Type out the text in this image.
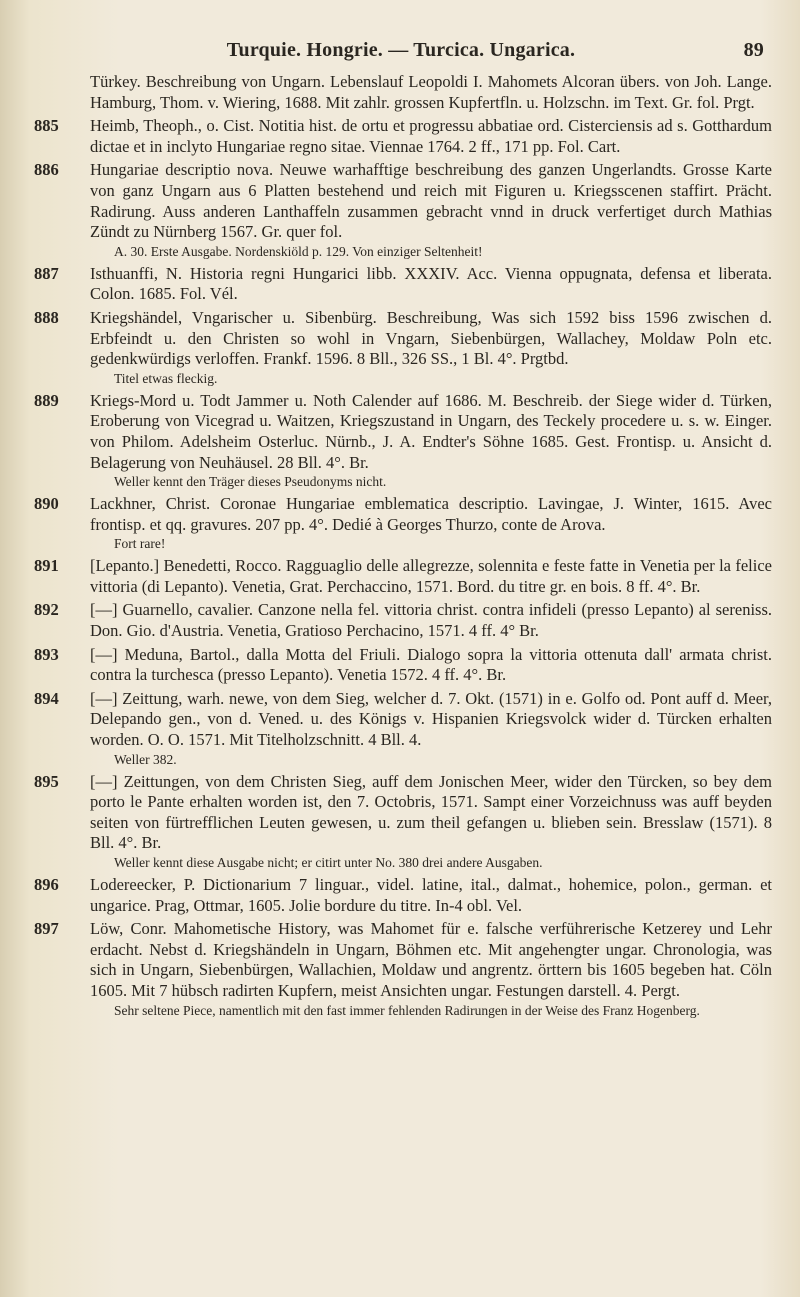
Turquie. Hongrie. — Turcica. Ungarica.	89
Türkey. Beschreibung von Ungarn. Lebenslauf Leopoldi I. Mahomets Alcoran übers. von Joh. Lange. Hamburg, Thom. v. Wiering, 1688. Mit zahlr. grossen Kupfertfln. u. Holzschn. im Text. Gr. fol. Prgt.
885	Heimb, Theoph., o. Cist. Notitia hist. de ortu et progressu abbatiae ord. Cisterciensis ad s. Gotthardum dictae et in inclyto Hungariae regno sitae. Viennae 1764. 2 ff., 171 pp. Fol. Cart.
886	Hungariae descriptio nova. Neuwe warhafftige beschreibung des ganzen Ungerlandts. Grosse Karte von ganz Ungarn aus 6 Platten bestehend und reich mit Figuren u. Kriegsscenen staffirt. Prächt. Radirung. Auss anderen Lanthaffeln zusammen gebracht vnnd in druck verfertiget durch Mathias Zündt zu Nürnberg 1567. Gr. quer fol.
A. 30. Erste Ausgabe. Nordenskiöld p. 129. Von einziger Seltenheit!
887	Isthuanffi, N. Historia regni Hungarici libb. XXXIV. Acc. Vienna oppugnata, defensa et liberata. Colon. 1685. Fol. Vél.
888	Kriegshändel, Vngarischer u. Sibenbürg. Beschreibung, Was sich 1592 biss 1596 zwischen d. Erbfeindt u. den Christen so wohl in Vngarn, Siebenbürgen, Wallachey, Moldaw Poln etc. gedenkwürdigs verloffen. Frankf. 1596. 8 Bll., 326 SS., 1 Bl. 4°. Prgtbd.
Titel etwas fleckig.
889	Kriegs-Mord u. Todt Jammer u. Noth Calender auf 1686. M. Beschreib. der Siege wider d. Türken, Eroberung von Vicegrad u. Waitzen, Kriegszustand in Ungarn, des Teckely procedere u. s. w. Einger. von Philom. Adelsheim Osterluc. Nürnb., J. A. Endter's Söhne 1685. Gest. Frontisp. u. Ansicht d. Belagerung von Neuhäusel. 28 Bll. 4°. Br.
Weller kennt den Träger dieses Pseudonyms nicht.
890	Lackhner, Christ. Coronae Hungariae emblematica descriptio. Lavingae, J. Winter, 1615. Avec frontisp. et qq. gravures. 207 pp. 4°. Dedié à Georges Thurzo, conte de Arova.
Fort rare!
891	[Lepanto.] Benedetti, Rocco. Ragguaglio delle allegrezze, solennita e feste fatte in Venetia per la felice vittoria (di Lepanto). Venetia, Grat. Perchaccino, 1571. Bord. du titre gr. en bois. 8 ff. 4°. Br.
892	[—] Guarnello, cavalier. Canzone nella fel. vittoria christ. contra infideli (presso Lepanto) al sereniss. Don. Gio. d'Austria. Venetia, Gratioso Perchacino, 1571. 4 ff. 4° Br.
893	[—] Meduna, Bartol., dalla Motta del Friuli. Dialogo sopra la vittoria ottenuta dall' armata christ. contra la turchesca (presso Lepanto). Venetia 1572. 4 ff. 4°. Br.
894	[—] Zeittung, warh. newe, von dem Sieg, welcher d. 7. Okt. (1571) in e. Golfo od. Pont auff d. Meer, Delepando gen., von d. Vened. u. des Königs v. Hispanien Kriegsvolck wider d. Türcken erhalten worden. O. O. 1571. Mit Titelholzschnitt. 4 Bll. 4.
Weller 382.
895	[—] Zeittungen, von dem Christen Sieg, auff dem Jonischen Meer, wider den Türcken, so bey dem porto le Pante erhalten worden ist, den 7. Octobris, 1571. Sampt einer Vorzeichnuss was auff beyden seiten von fürtrefflichen Leuten gewesen, u. zum theil gefangen u. blieben sein. Bresslaw (1571). 8 Bll. 4°. Br.
Weller kennt diese Ausgabe nicht; er citirt unter No. 380 drei andere Ausgaben.
896	Lodereecker, P. Dictionarium 7 linguar., videl. latine, ital., dalmat., hohemice, polon., german. et ungarice. Prag, Ottmar, 1605. Jolie bordure du titre. In-4 obl. Vel.
897	Löw, Conr. Mahometische History, was Mahomet für e. falsche verführerische Ketzerey und Lehr erdacht. Nebst d. Kriegshändeln in Ungarn, Böhmen etc. Mit angehengter ungar. Chronologia, was sich in Ungarn, Siebenbürgen, Wallachien, Moldaw und angrentz. örttern bis 1605 begeben hat. Cöln 1605. Mit 7 hübsch radirten Kupfern, meist Ansichten ungar. Festungen darstell. 4. Pergt.
Sehr seltene Piece, namentlich mit den fast immer fehlenden Radirungen in der Weise des Franz Hogenberg.
